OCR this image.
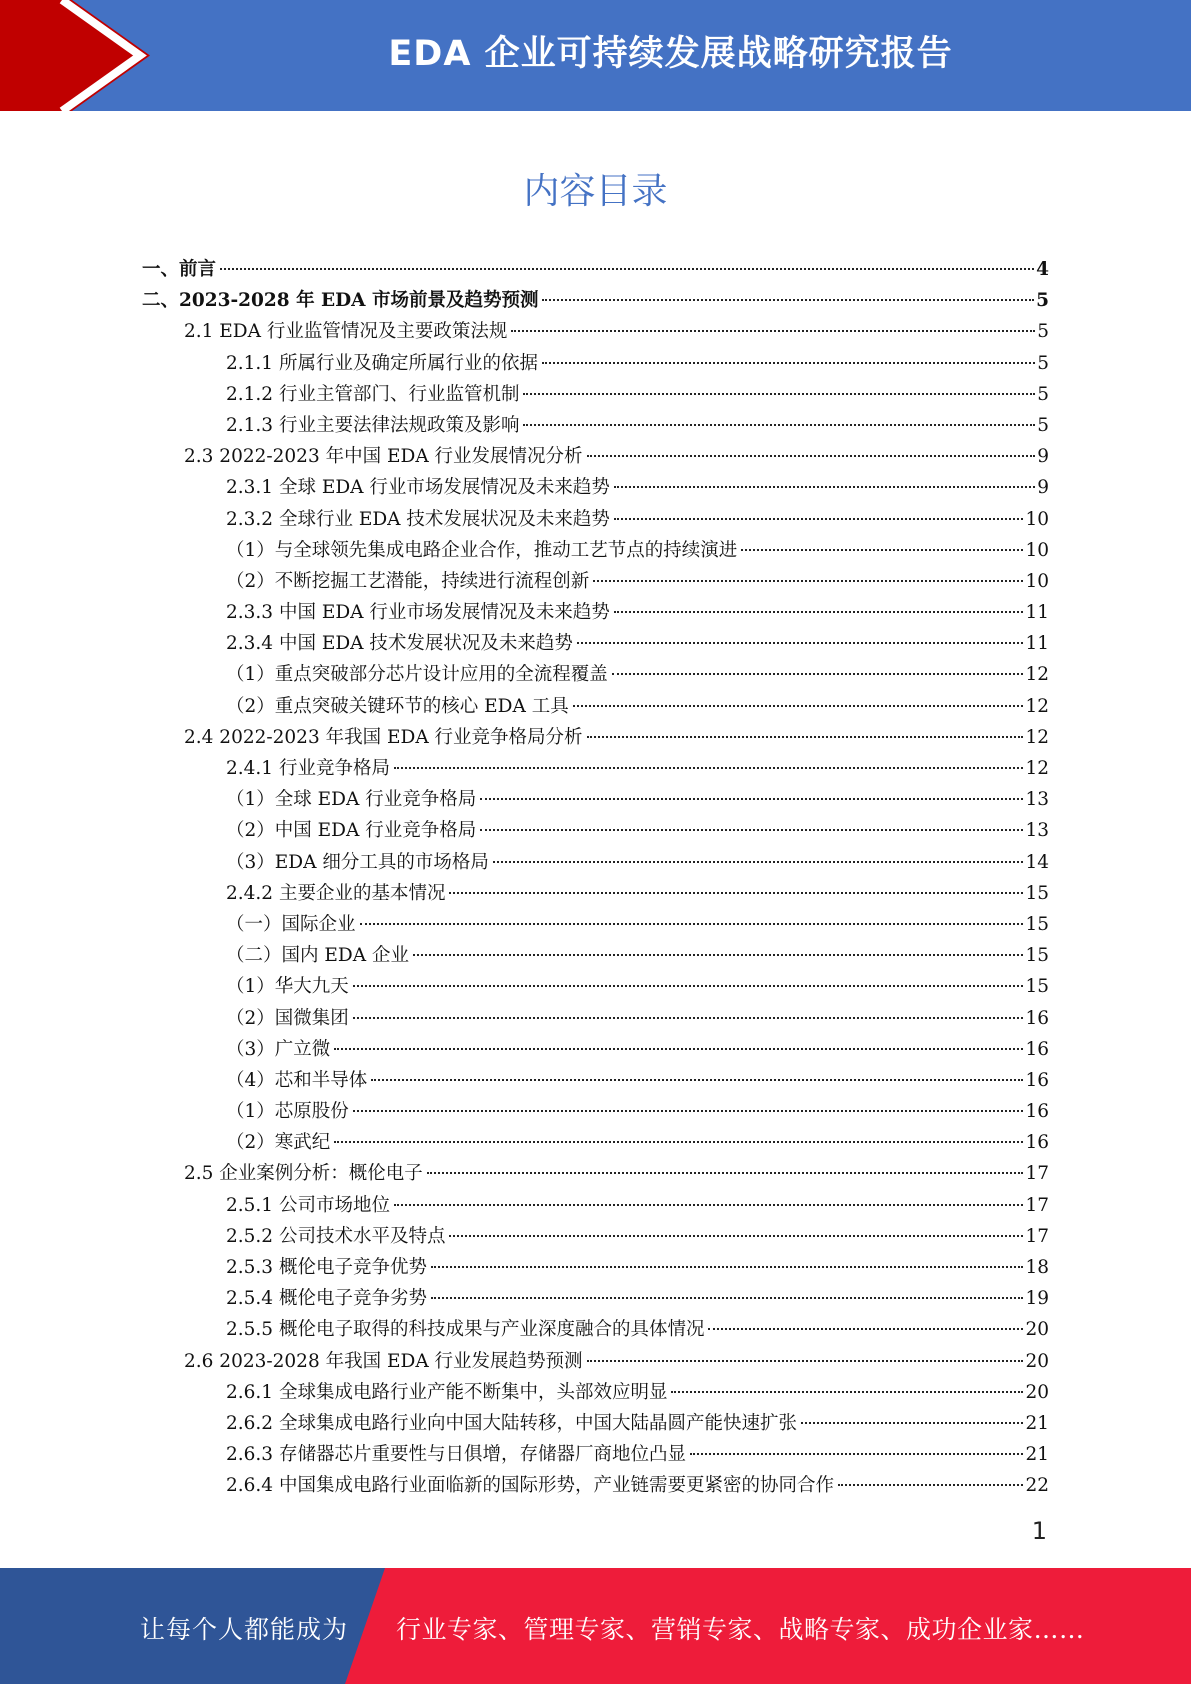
EDA 企业可持续发展战略研究报告
内容目录
一、前言	4
二、2023-2028 年 EDA 市场前景及趋势预测	5
2.1 EDA 行业监管情况及主要政策法规	5
2.1.1 所属行业及确定所属行业的依据	5
2.1.2 行业主管部门、行业监管机制	5
2.1.3 行业主要法律法规政策及影响	5
2.3 2022-2023 年中国 EDA 行业发展情况分析	9
2.3.1 全球 EDA 行业市场发展情况及未来趋势	9
2.3.2 全球行业 EDA 技术发展状况及未来趋势	10
（1）与全球领先集成电路企业合作，推动工艺节点的持续演进	10
（2）不断挖掘工艺潜能，持续进行流程创新	10
2.3.3 中国 EDA 行业市场发展情况及未来趋势	11
2.3.4 中国 EDA 技术发展状况及未来趋势	11
（1）重点突破部分芯片设计应用的全流程覆盖	12
（2）重点突破关键环节的核心 EDA 工具	12
2.4 2022-2023 年我国 EDA 行业竞争格局分析	12
2.4.1 行业竞争格局	12
（1）全球 EDA 行业竞争格局	13
（2）中国 EDA 行业竞争格局	13
（3）EDA 细分工具的市场格局	14
2.4.2 主要企业的基本情况	15
（一）国际企业	15
（二）国内 EDA 企业	15
（1）华大九天	15
（2）国微集团	16
（3）广立微	16
（4）芯和半导体	16
（1）芯原股份	16
（2）寒武纪	16
2.5 企业案例分析：概伦电子	17
2.5.1 公司市场地位	17
2.5.2 公司技术水平及特点	17
2.5.3 概伦电子竞争优势	18
2.5.4 概伦电子竞争劣势	19
2.5.5 概伦电子取得的科技成果与产业深度融合的具体情况	20
2.6 2023-2028 年我国 EDA 行业发展趋势预测	20
2.6.1 全球集成电路行业产能不断集中，头部效应明显	20
2.6.2 全球集成电路行业向中国大陆转移，中国大陆晶圆产能快速扩张	21
2.6.3 存储器芯片重要性与日俱增，存储器厂商地位凸显	21
2.6.4 中国集成电路行业面临新的国际形势，产业链需要更紧密的协同合作	22
1
让每个人都能成为 行业专家、管理专家、营销专家、战略专家、成功企业家……
